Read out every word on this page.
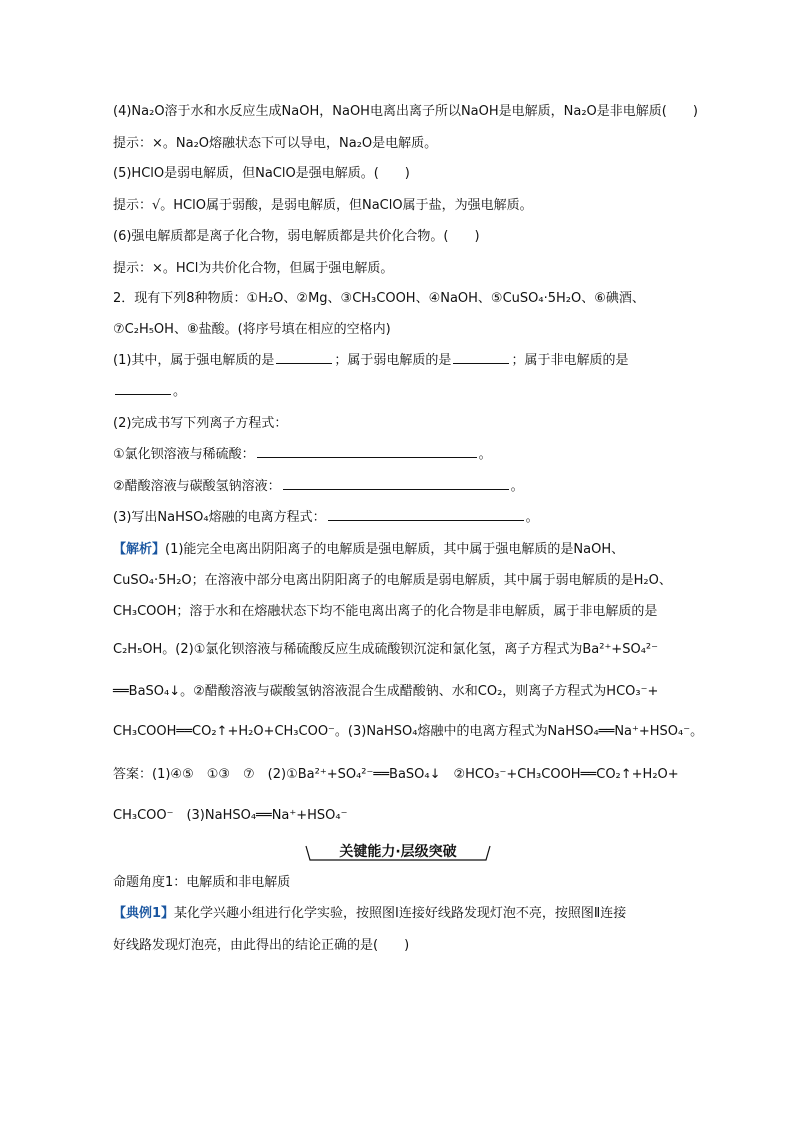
(4)Na₂O溶于水和水反应生成NaOH，NaOH电离出离子所以NaOH是电解质，Na₂O是非电解质(　　)
提示：×。Na₂O熔融状态下可以导电，Na₂O是电解质。
(5)HClO是弱电解质，但NaClO是强电解质。(　　)
提示：√。HClO属于弱酸，是弱电解质，但NaClO属于盐，为强电解质。
(6)强电解质都是离子化合物，弱电解质都是共价化合物。(　　)
提示：×。HCl为共价化合物，但属于强电解质。
2．现有下列8种物质：①H₂O、②Mg、③CH₃COOH、④NaOH、⑤CuSO₄·5H₂O、⑥碘酒、
⑦C₂H₅OH、⑧盐酸。(将序号填在相应的空格内)
(1)其中，属于强电解质的是	；属于弱电解质的是	；属于非电解质的是
。
(2)完成书写下列离子方程式：
①氯化钡溶液与稀硫酸：	。
②醋酸溶液与碳酸氢钠溶液：	。
(3)写出NaHSO₄熔融的电离方程式：	。
【解析】(1)能完全电离出阴阳离子的电解质是强电解质，其中属于强电解质的是NaOH、
CuSO₄·5H₂O；在溶液中部分电离出阴阳离子的电解质是弱电解质，其中属于弱电解质的是H₂O、
CH₃COOH；溶于水和在熔融状态下均不能电离出离子的化合物是非电解质，属于非电解质的是
C₂H₅OH。(2)①氯化钡溶液与稀硫酸反应生成硫酸钡沉淀和氯化氢，离子方程式为Ba²⁺+SO₄²⁻
══BaSO₄↓。②醋酸溶液与碳酸氢钠溶液混合生成醋酸钠、水和CO₂，则离子方程式为HCO₃⁻+
CH₃COOH══CO₂↑+H₂O+CH₃COO⁻。(3)NaHSO₄熔融中的电离方程式为NaHSO₄══Na⁺+HSO₄⁻。
答案：(1)④⑤　①③　⑦　(2)①Ba²⁺+SO₄²⁻══BaSO₄↓　②HCO₃⁻+CH₃COOH══CO₂↑+H₂O+
CH₃COO⁻　(3)NaHSO₄══Na⁺+HSO₄⁻
关键能力·层级突破
命题角度1：电解质和非电解质
【典例1】某化学兴趣小组进行化学实验，按照图Ⅰ连接好线路发现灯泡不亮，按照图Ⅱ连接
好线路发现灯泡亮，由此得出的结论正确的是(　　)
